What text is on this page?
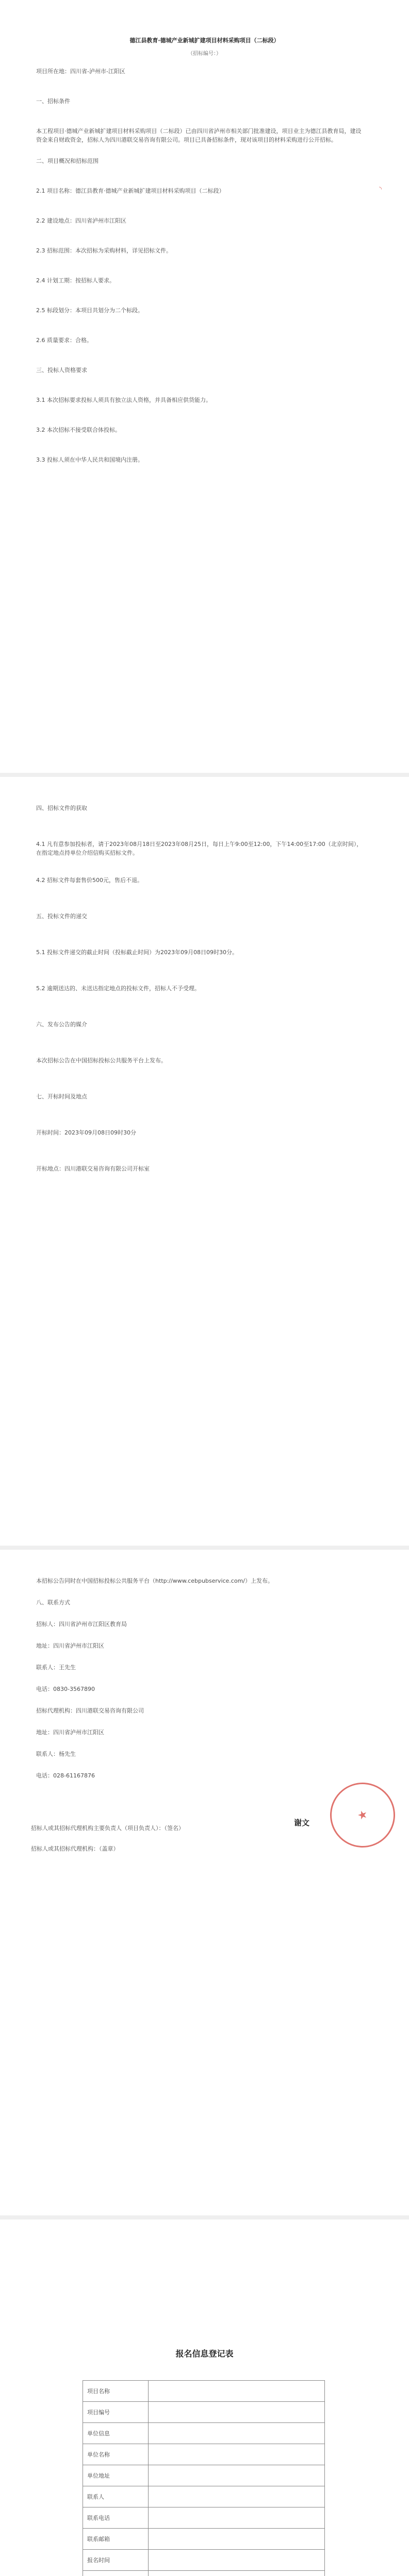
德江县教育·德城产业新城扩建项目材料采购项目（二标段）
（招标编号：）
项目所在地：四川省-泸州市-江阳区
一、招标条件
本工程项目·德城产业新城扩建项目材料采购项目（二标段）已由四川省泸州市相关部门批准建设，项目业主为德江县教育局，建设资金来自财政资金，招标人为四川港联交易咨询有限公司。项目已具备招标条件，现对该项目的材料采购进行公开招标。
二、项目概况和招标范围
2.1 项目名称：德江县教育·德城产业新城扩建项目材料采购项目（二标段）
2.2 建设地点：四川省泸州市江阳区
2.3 招标范围：本次招标为采购材料，详见招标文件。
2.4 计划工期：按招标人要求。
2.5 标段划分：本项目共划分为二个标段。
2.6 质量要求：合格。
三、投标人资格要求
3.1 本次招标要求投标人须具有独立法人资格，并具备相应供货能力。
3.2 本次招标不接受联合体投标。
3.3 投标人须在中华人民共和国境内注册。
◝
四、招标文件的获取
4.1 凡有意参加投标者，请于2023年08月18日至2023年08月25日，每日上午9:00至12:00，下午14:00至17:00（北京时间），在指定地点持单位介绍信购买招标文件。
4.2 招标文件每套售价500元，售后不退。
五、投标文件的递交
5.1 投标文件递交的截止时间（投标截止时间）为2023年09月08日09时30分。
5.2 逾期送达的、未送达指定地点的投标文件，招标人不予受理。
六、发布公告的媒介
本次招标公告在中国招标投标公共服务平台上发布。
七、开标时间及地点
开标时间：2023年09月08日09时30分
开标地点：四川港联交易咨询有限公司开标室
本招标公告同时在中国招标投标公共服务平台（http://www.cebpubservice.com/）上发布。
八、联系方式
招标人：四川省泸州市江阳区教育局
地址：四川省泸州市江阳区
联系人：王先生
电话：0830-3567890
招标代理机构：四川港联交易咨询有限公司
地址：四川省泸州市江阳区
联系人：杨先生
电话：028-61167876
招标人或其招标代理机构主要负责人（项目负责人）：（签名）
招标人或其招标代理机构：（盖章）
谢文
★
报名信息登记表
项目名称	
项目编号	
单位信息	
单位名称	
单位地址	
联系人	
联系电话	
联系邮箱	
报名时间	
